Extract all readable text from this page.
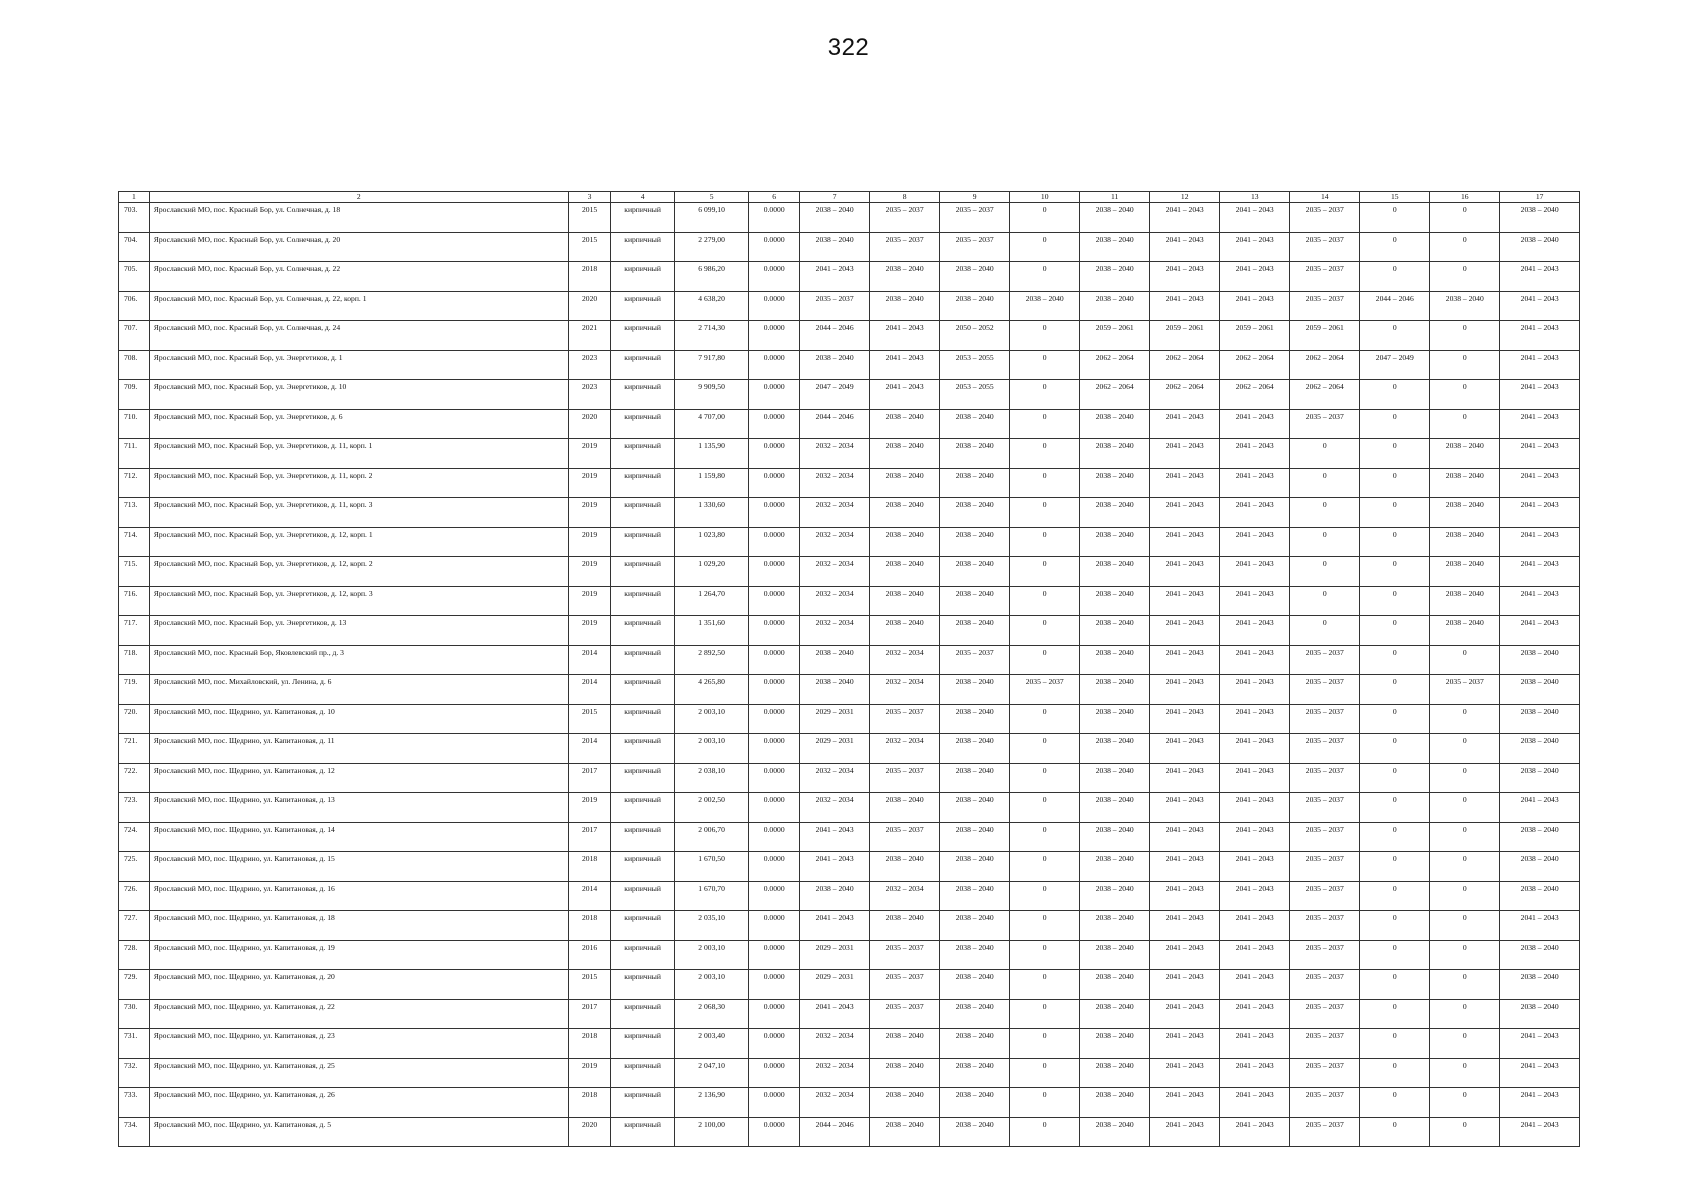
322
1	2	3	4	5	6	7	8	9	10	11	12	13	14	15	16	17
703.	Ярославский МО, пос. Красный Бор, ул. Солнечная, д. 18	2015	кирпичный	6 099,10	0.0000	2038 – 2040	2035 – 2037	2035 – 2037	0	2038 – 2040	2041 – 2043	2041 – 2043	2035 – 2037	0	0	2038 – 2040
704.	Ярославский МО, пос. Красный Бор, ул. Солнечная, д. 20	2015	кирпичный	2 279,00	0.0000	2038 – 2040	2035 – 2037	2035 – 2037	0	2038 – 2040	2041 – 2043	2041 – 2043	2035 – 2037	0	0	2038 – 2040
705.	Ярославский МО, пос. Красный Бор, ул. Солнечная, д. 22	2018	кирпичный	6 986,20	0.0000	2041 – 2043	2038 – 2040	2038 – 2040	0	2038 – 2040	2041 – 2043	2041 – 2043	2035 – 2037	0	0	2041 – 2043
706.	Ярославский МО, пос. Красный Бор, ул. Солнечная, д. 22, корп. 1	2020	кирпичный	4 638,20	0.0000	2035 – 2037	2038 – 2040	2038 – 2040	2038 – 2040	2038 – 2040	2041 – 2043	2041 – 2043	2035 – 2037	2044 – 2046	2038 – 2040	2041 – 2043
707.	Ярославский МО, пос. Красный Бор, ул. Солнечная, д. 24	2021	кирпичный	2 714,30	0.0000	2044 – 2046	2041 – 2043	2050 – 2052	0	2059 – 2061	2059 – 2061	2059 – 2061	2059 – 2061	0	0	2041 – 2043
708.	Ярославский МО, пос. Красный Бор, ул. Энергетиков, д. 1	2023	кирпичный	7 917,80	0.0000	2038 – 2040	2041 – 2043	2053 – 2055	0	2062 – 2064	2062 – 2064	2062 – 2064	2062 – 2064	2047 – 2049	0	2041 – 2043
709.	Ярославский МО, пос. Красный Бор, ул. Энергетиков, д. 10	2023	кирпичный	9 909,50	0.0000	2047 – 2049	2041 – 2043	2053 – 2055	0	2062 – 2064	2062 – 2064	2062 – 2064	2062 – 2064	0	0	2041 – 2043
710.	Ярославский МО, пос. Красный Бор, ул. Энергетиков, д. 6	2020	кирпичный	4 707,00	0.0000	2044 – 2046	2038 – 2040	2038 – 2040	0	2038 – 2040	2041 – 2043	2041 – 2043	2035 – 2037	0	0	2041 – 2043
711.	Ярославский МО, пос. Красный Бор, ул. Энергетиков, д. 11, корп. 1	2019	кирпичный	1 135,90	0.0000	2032 – 2034	2038 – 2040	2038 – 2040	0	2038 – 2040	2041 – 2043	2041 – 2043	0	0	2038 – 2040	2041 – 2043
712.	Ярославский МО, пос. Красный Бор, ул. Энергетиков, д. 11, корп. 2	2019	кирпичный	1 159,80	0.0000	2032 – 2034	2038 – 2040	2038 – 2040	0	2038 – 2040	2041 – 2043	2041 – 2043	0	0	2038 – 2040	2041 – 2043
713.	Ярославский МО, пос. Красный Бор, ул. Энергетиков, д. 11, корп. 3	2019	кирпичный	1 330,60	0.0000	2032 – 2034	2038 – 2040	2038 – 2040	0	2038 – 2040	2041 – 2043	2041 – 2043	0	0	2038 – 2040	2041 – 2043
714.	Ярославский МО, пос. Красный Бор, ул. Энергетиков, д. 12, корп. 1	2019	кирпичный	1 023,80	0.0000	2032 – 2034	2038 – 2040	2038 – 2040	0	2038 – 2040	2041 – 2043	2041 – 2043	0	0	2038 – 2040	2041 – 2043
715.	Ярославский МО, пос. Красный Бор, ул. Энергетиков, д. 12, корп. 2	2019	кирпичный	1 029,20	0.0000	2032 – 2034	2038 – 2040	2038 – 2040	0	2038 – 2040	2041 – 2043	2041 – 2043	0	0	2038 – 2040	2041 – 2043
716.	Ярославский МО, пос. Красный Бор, ул. Энергетиков, д. 12, корп. 3	2019	кирпичный	1 264,70	0.0000	2032 – 2034	2038 – 2040	2038 – 2040	0	2038 – 2040	2041 – 2043	2041 – 2043	0	0	2038 – 2040	2041 – 2043
717.	Ярославский МО, пос. Красный Бор, ул. Энергетиков, д. 13	2019	кирпичный	1 351,60	0.0000	2032 – 2034	2038 – 2040	2038 – 2040	0	2038 – 2040	2041 – 2043	2041 – 2043	0	0	2038 – 2040	2041 – 2043
718.	Ярославский МО, пос. Красный Бор, Яковлевский пр., д. 3	2014	кирпичный	2 892,50	0.0000	2038 – 2040	2032 – 2034	2035 – 2037	0	2038 – 2040	2041 – 2043	2041 – 2043	2035 – 2037	0	0	2038 – 2040
719.	Ярославский МО, пос. Михайловский, ул. Ленина, д. 6	2014	кирпичный	4 265,80	0.0000	2038 – 2040	2032 – 2034	2038 – 2040	2035 – 2037	2038 – 2040	2041 – 2043	2041 – 2043	2035 – 2037	0	2035 – 2037	2038 – 2040
720.	Ярославский МО, пос. Щедрино, ул. Капитановая, д. 10	2015	кирпичный	2 003,10	0.0000	2029 – 2031	2035 – 2037	2038 – 2040	0	2038 – 2040	2041 – 2043	2041 – 2043	2035 – 2037	0	0	2038 – 2040
721.	Ярославский МО, пос. Щедрино, ул. Капитановая, д. 11	2014	кирпичный	2 003,10	0.0000	2029 – 2031	2032 – 2034	2038 – 2040	0	2038 – 2040	2041 – 2043	2041 – 2043	2035 – 2037	0	0	2038 – 2040
722.	Ярославский МО, пос. Щедрино, ул. Капитановая, д. 12	2017	кирпичный	2 038,10	0.0000	2032 – 2034	2035 – 2037	2038 – 2040	0	2038 – 2040	2041 – 2043	2041 – 2043	2035 – 2037	0	0	2038 – 2040
723.	Ярославский МО, пос. Щедрино, ул. Капитановая, д. 13	2019	кирпичный	2 002,50	0.0000	2032 – 2034	2038 – 2040	2038 – 2040	0	2038 – 2040	2041 – 2043	2041 – 2043	2035 – 2037	0	0	2041 – 2043
724.	Ярославский МО, пос. Щедрино, ул. Капитановая, д. 14	2017	кирпичный	2 006,70	0.0000	2041 – 2043	2035 – 2037	2038 – 2040	0	2038 – 2040	2041 – 2043	2041 – 2043	2035 – 2037	0	0	2038 – 2040
725.	Ярославский МО, пос. Щедрино, ул. Капитановая, д. 15	2018	кирпичный	1 670,50	0.0000	2041 – 2043	2038 – 2040	2038 – 2040	0	2038 – 2040	2041 – 2043	2041 – 2043	2035 – 2037	0	0	2038 – 2040
726.	Ярославский МО, пос. Щедрино, ул. Капитановая, д. 16	2014	кирпичный	1 670,70	0.0000	2038 – 2040	2032 – 2034	2038 – 2040	0	2038 – 2040	2041 – 2043	2041 – 2043	2035 – 2037	0	0	2038 – 2040
727.	Ярославский МО, пос. Щедрино, ул. Капитановая, д. 18	2018	кирпичный	2 035,10	0.0000	2041 – 2043	2038 – 2040	2038 – 2040	0	2038 – 2040	2041 – 2043	2041 – 2043	2035 – 2037	0	0	2041 – 2043
728.	Ярославский МО, пос. Щедрино, ул. Капитановая, д. 19	2016	кирпичный	2 003,10	0.0000	2029 – 2031	2035 – 2037	2038 – 2040	0	2038 – 2040	2041 – 2043	2041 – 2043	2035 – 2037	0	0	2038 – 2040
729.	Ярославский МО, пос. Щедрино, ул. Капитановая, д. 20	2015	кирпичный	2 003,10	0.0000	2029 – 2031	2035 – 2037	2038 – 2040	0	2038 – 2040	2041 – 2043	2041 – 2043	2035 – 2037	0	0	2038 – 2040
730.	Ярославский МО, пос. Щедрино, ул. Капитановая, д. 22	2017	кирпичный	2 068,30	0.0000	2041 – 2043	2035 – 2037	2038 – 2040	0	2038 – 2040	2041 – 2043	2041 – 2043	2035 – 2037	0	0	2038 – 2040
731.	Ярославский МО, пос. Щедрино, ул. Капитановая, д. 23	2018	кирпичный	2 003,40	0.0000	2032 – 2034	2038 – 2040	2038 – 2040	0	2038 – 2040	2041 – 2043	2041 – 2043	2035 – 2037	0	0	2041 – 2043
732.	Ярославский МО, пос. Щедрино, ул. Капитановая, д. 25	2019	кирпичный	2 047,10	0.0000	2032 – 2034	2038 – 2040	2038 – 2040	0	2038 – 2040	2041 – 2043	2041 – 2043	2035 – 2037	0	0	2041 – 2043
733.	Ярославский МО, пос. Щедрино, ул. Капитановая, д. 26	2018	кирпичный	2 136,90	0.0000	2032 – 2034	2038 – 2040	2038 – 2040	0	2038 – 2040	2041 – 2043	2041 – 2043	2035 – 2037	0	0	2041 – 2043
734.	Ярославский МО, пос. Щедрино, ул. Капитановая, д. 5	2020	кирпичный	2 100,00	0.0000	2044 – 2046	2038 – 2040	2038 – 2040	0	2038 – 2040	2041 – 2043	2041 – 2043	2035 – 2037	0	0	2041 – 2043
